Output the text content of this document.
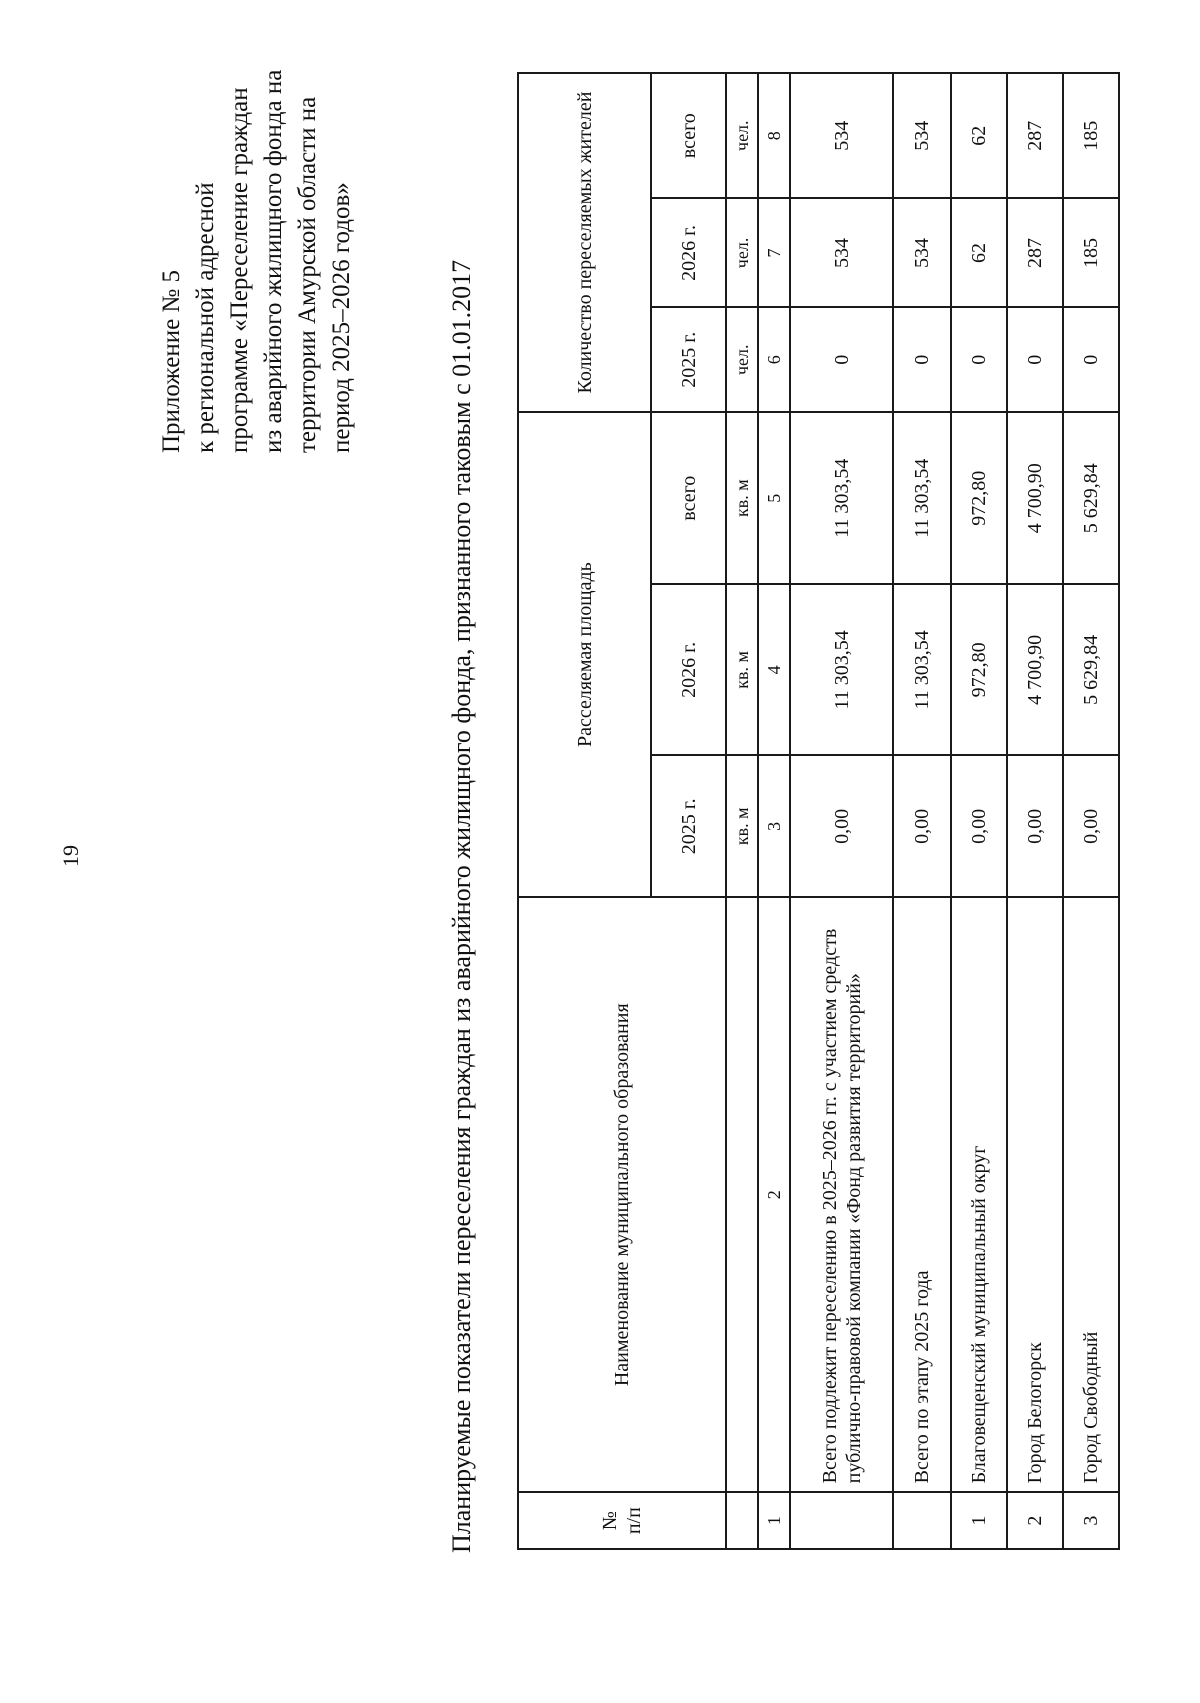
19
Приложение № 5 к региональной адресной программе «Переселение граждан из аварийного жилищного фонда на территории Амурской области на период 2025–2026 годов»	Планируемые показатели переселения граждан из аварийного жилищного фонда, признанного таковым с 01.01.2017	№ п/п	Наименование муниципального образования	Расселяемая площадь			Количество переселяемых жителей		
		2025 г.	2026 г.	всего	2025 г.	2026 г.	всего
		кв. м	кв. м	кв. м	чел.	чел.	чел.
1	2	3	4	5	6	7	8
	Всего подлежит переселению в 2025–2026 гг. с участием средств публично-правовой компании «Фонд развития территорий»	0,00	11 303,54	11 303,54	0	534	534
	Всего по этапу 2025 года	0,00	11 303,54	11 303,54	0	534	534
1	Благовещенский муниципальный округ	0,00	972,80	972,80	0	62	62
2	Город Белогорск	0,00	4 700,90	4 700,90	0	287	287
3	Город Свободный	0,00	5 629,84	5 629,84	0	185	185
